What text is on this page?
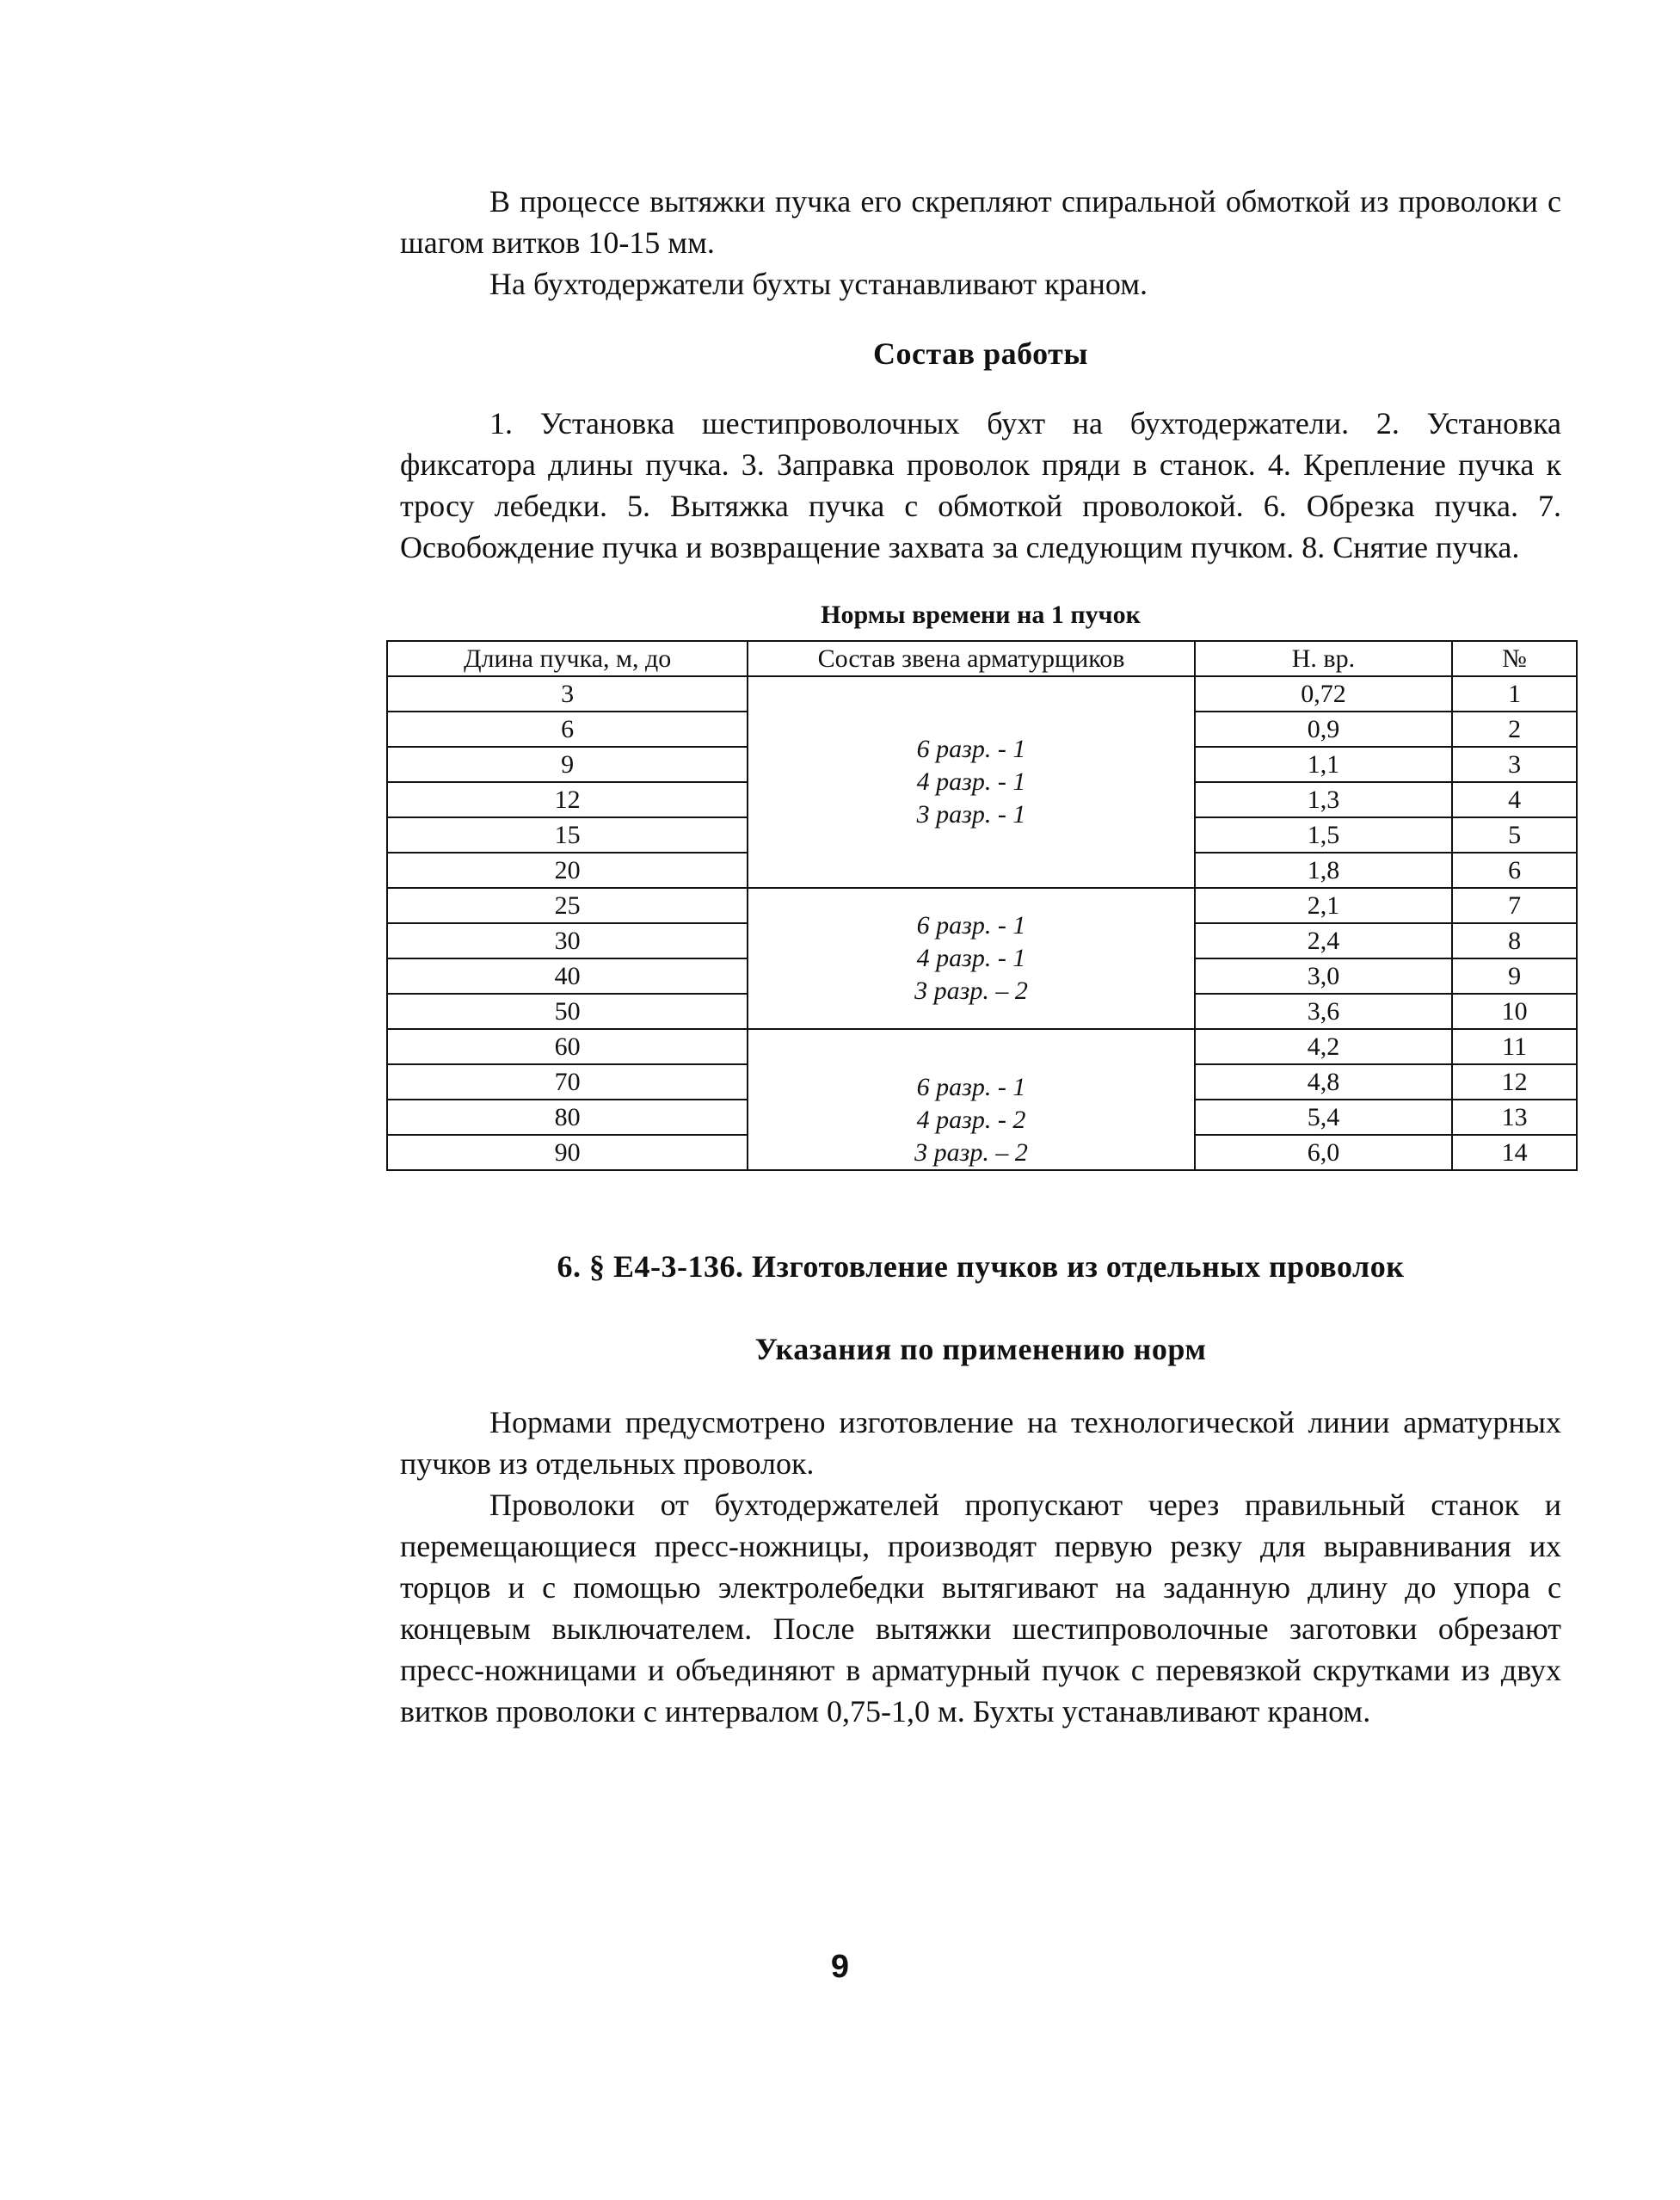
В процессе вытяжки пучка его скрепляют спиральной обмоткой из проволоки с шагом витков 10-15 мм.

На бухтодержатели бухты устанавливают краном.

Состав работы

1. Установка шестипроволочных бухт на бухтодержатели. 2. Установка фиксатора длины пучка. 3. Заправка проволок пряди в станок. 4. Крепление пучка к тросу лебедки. 5. Вытяжка пучка с обмоткой проволокой. 6. Обрезка пучка. 7. Освобождение пучка и возвращение захвата за следующим пучком. 8. Снятие пучка.

Нормы времени на 1 пучок

Длина пучка, м, до	Состав звена арматурщиков	Н. вр.	№
3	6 разр. - 1
4 разр. - 1
3 разр. - 1	0,72	1
6		0,9	2
9		1,1	3
12		1,3	4
15		1,5	5
20		1,8	6
25	6 разр. - 1
4 разр. - 1
3 разр. – 2	2,1	7
30		2,4	8
40		3,0	9
50		3,6	10
60	6 разр. - 1
4 разр. - 2
3 разр. – 2	4,2	11
70		4,8	12
80		5,4	13
90		6,0	14

6. § Е4-3-136. Изготовление пучков из отдельных проволок

Указания по применению норм

Нормами предусмотрено изготовление на технологической линии арматурных пучков из отдельных проволок.

Проволоки от бухтодержателей пропускают через правильный станок и перемещающиеся пресс-ножницы, производят первую резку для выравнивания их торцов и с помощью электролебедки вытягивают на заданную длину до упора с концевым выключателем. После вытяжки шестипроволочные заготовки обрезают пресс-ножницами и объединяют в арматурный пучок с перевязкой скрутками из двух витков проволоки с интервалом 0,75-1,0 м. Бухты устанавливают краном.

9
